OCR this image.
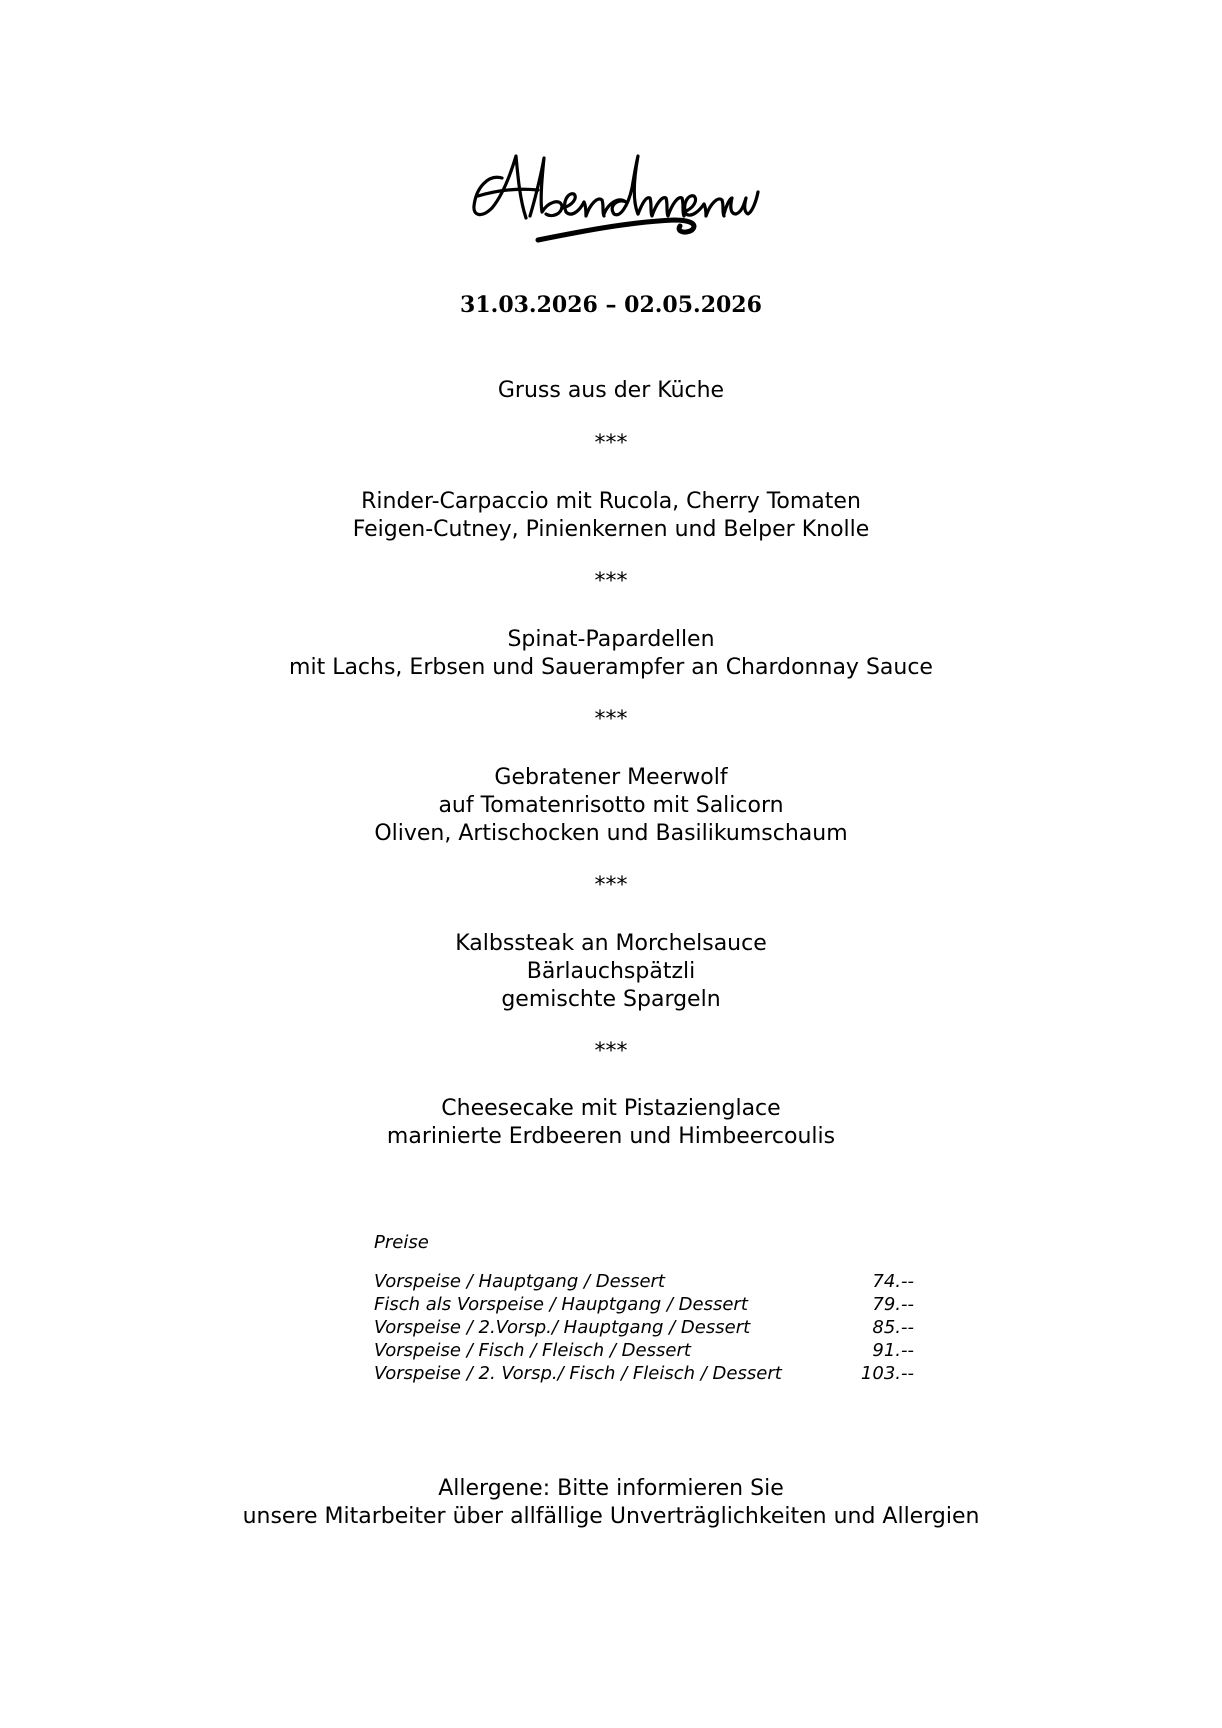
31.03.2026 – 02.05.2026
Gruss aus der Küche
***
Rinder-Carpaccio mit Rucola, Cherry Tomaten
Feigen-Cutney, Pinienkernen und Belper Knolle
***
Spinat-Papardellen
mit Lachs, Erbsen und Sauerampfer an Chardonnay Sauce
***
Gebratener Meerwolf
auf Tomatenrisotto mit Salicorn
Oliven, Artischocken und Basilikumschaum
***
Kalbssteak an Morchelsauce
Bärlauchspätzli
gemischte Spargeln
***
Cheesecake mit Pistazienglace
marinierte Erdbeeren und Himbeercoulis
Preise
Vorspeise / Hauptgang / Dessert	74.--
Fisch als Vorspeise / Hauptgang / Dessert	79.--
Vorspeise / 2.Vorsp./ Hauptgang / Dessert	85.--
Vorspeise / Fisch / Fleisch / Dessert	91.--
Vorspeise / 2. Vorsp./ Fisch / Fleisch / Dessert	103.--
Allergene: Bitte informieren Sie
unsere Mitarbeiter über allfällige Unverträglichkeiten und Allergien
